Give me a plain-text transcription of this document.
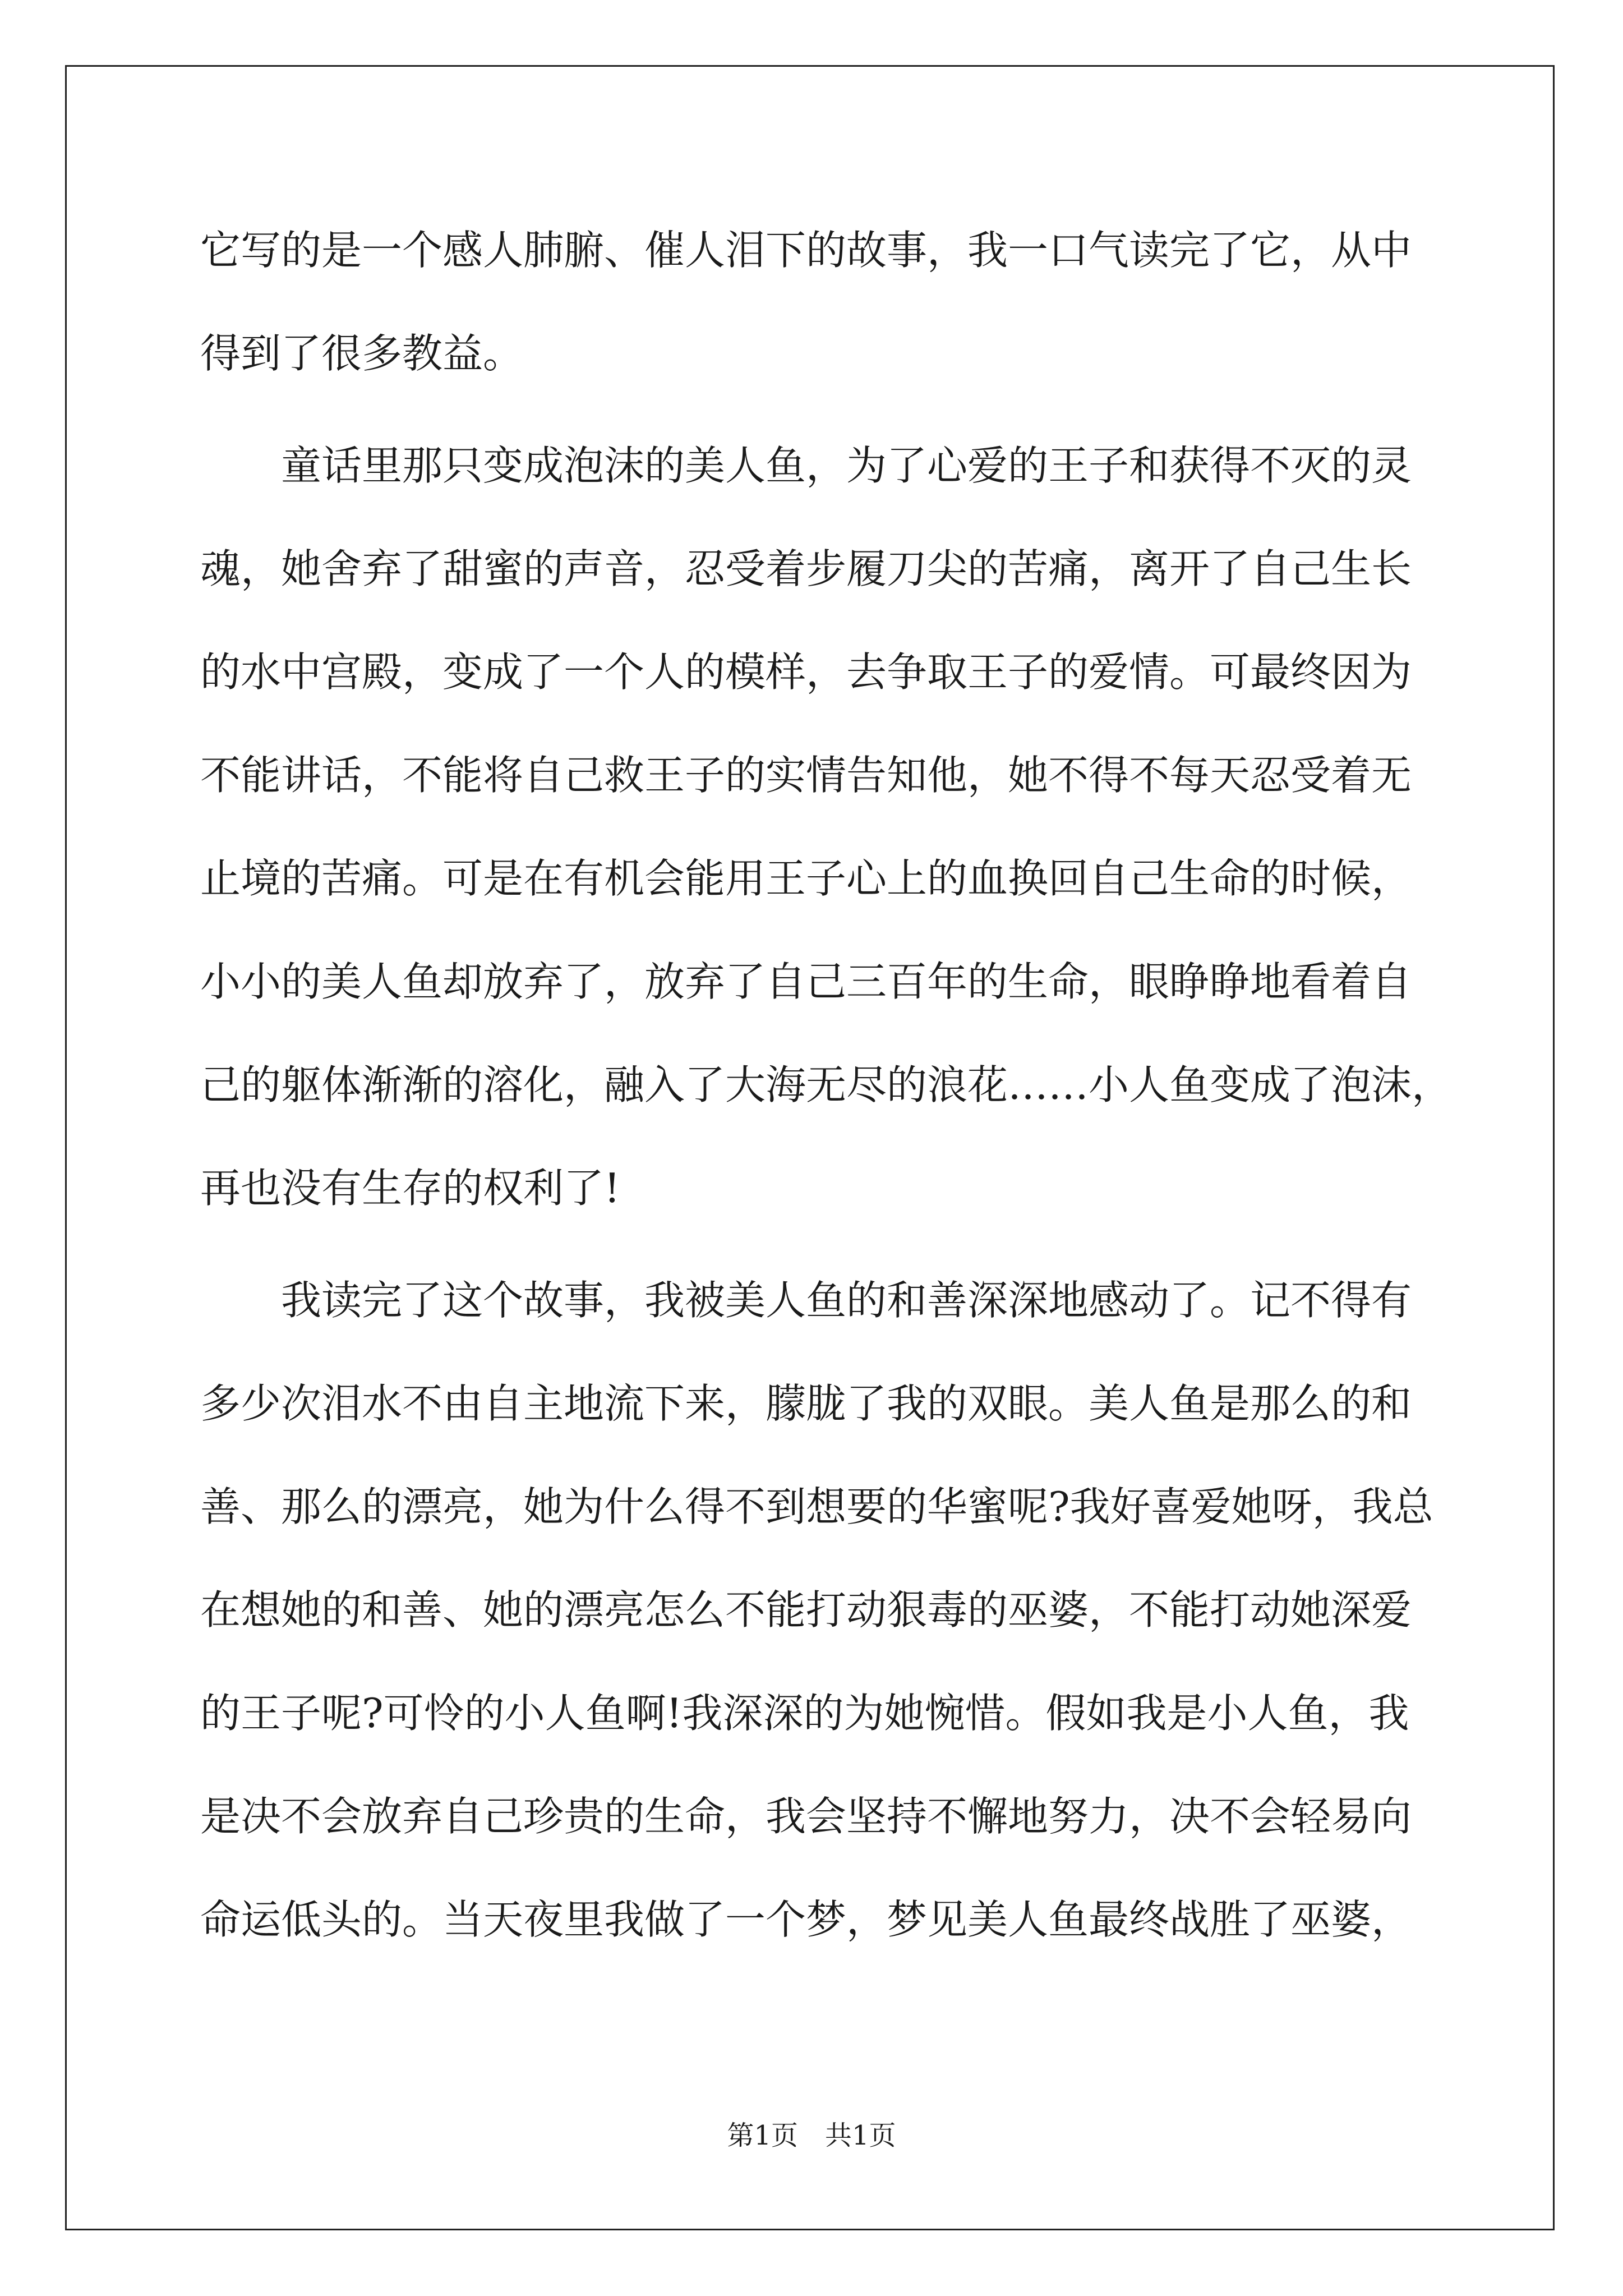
它写的是一个感人肺腑、催人泪下的故事，我一口气读完了它，从中
得到了很多教益。
　　童话里那只变成泡沫的美人鱼，为了心爱的王子和获得不灭的灵
魂，她舍弃了甜蜜的声音，忍受着步履刀尖的苦痛，离开了自己生长
的水中宫殿，变成了一个人的模样，去争取王子的爱情。可最终因为
不能讲话，不能将自己救王子的实情告知他，她不得不每天忍受着无
止境的苦痛。可是在有机会能用王子心上的血换回自己生命的时候，
小小的美人鱼却放弃了，放弃了自己三百年的生命，眼睁睁地看着自
己的躯体渐渐的溶化，融入了大海无尽的浪花……小人鱼变成了泡沫，
再也没有生存的权利了!
　　我读完了这个故事，我被美人鱼的和善深深地感动了。记不得有
多少次泪水不由自主地流下来，朦胧了我的双眼。美人鱼是那么的和
善、那么的漂亮，她为什么得不到想要的华蜜呢?我好喜爱她呀，我总
在想她的和善、她的漂亮怎么不能打动狠毒的巫婆，不能打动她深爱
的王子呢?可怜的小人鱼啊!我深深的为她惋惜。假如我是小人鱼，我
是决不会放弃自己珍贵的生命，我会坚持不懈地努力，决不会轻易向
命运低头的。当天夜里我做了一个梦，梦见美人鱼最终战胜了巫婆，
第1页　共1页
